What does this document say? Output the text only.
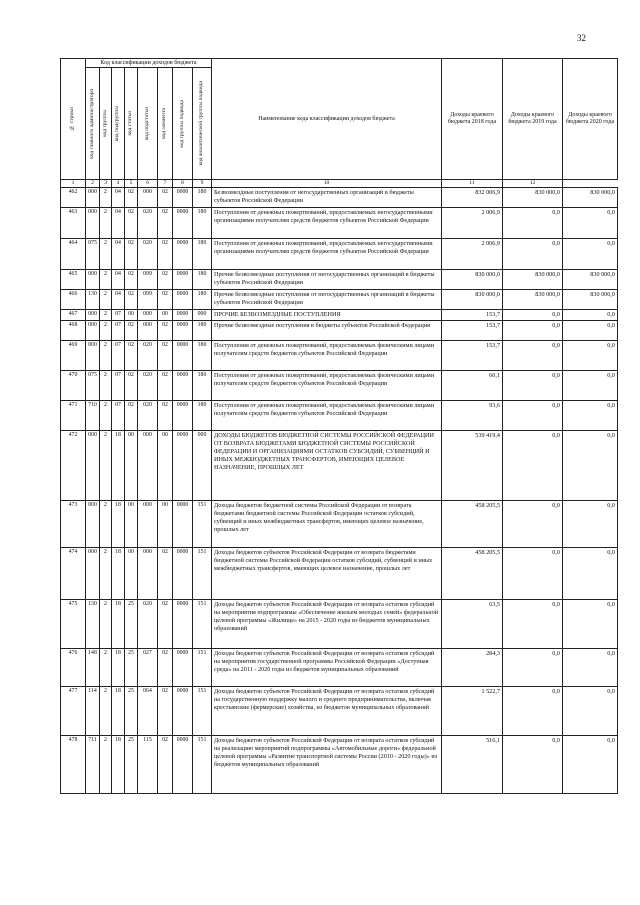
32
№ строки	Код классификации доходов бюджета								Наименование кода классификации доходов бюджета	Доходы краевого бюджета 2018 года	Доходы краевого бюджета 2019 года	Доходы краевого бюджета 2020 года

	код главного администратора	код группы	код подгруппы	код статьи	код подстатьи	код элемента	код группы подвида	код аналитической группы подвида				

1	2	3	4	5	6	7	8	9	10	11	12	
462	000	2	04	02	000	02	0000	180	Безвозмездные поступления от негосударственных организаций в бюджеты субъектов Российской Федерации	832 006,9	830 000,0	830 000,0
463	000	2	04	02	020	02	0000	180	Поступления от денежных пожертвований, предоставляемых негосударственными организациями получателям средств бюджетов субъектов Российской Федерации	2 006,9	0,0	0,0
464	075	2	04	02	020	02	0000	180	Поступления от денежных пожертвований, предоставляемых негосударственными организациями получателям средств бюджетов субъектов Российской Федерации	2 006,9	0,0	0,0
465	000	2	04	02	099	02	0000	180	Прочие безвозмездные поступления от негосударственных организаций в бюджеты субъектов Российской Федерации	830 000,0	830 000,0	830 000,0
466	130	2	04	02	099	02	0000	180	Прочие безвозмездные поступления от негосударственных организаций в бюджеты субъектов Российской Федерации	830 000,0	830 000,0	830 000,0
467	000	2	07	00	000	00	0000	000	ПРОЧИЕ БЕЗВОЗМЕЗДНЫЕ ПОСТУПЛЕНИЯ	153,7	0,0	0,0
468	000	2	07	02	000	02	0000	180	Прочие безвозмездные поступления в бюджеты субъектов Российской Федерации	153,7	0,0	0,0
469	000	2	07	02	020	02	0000	180	Поступления от денежных пожертвований, предоставляемых физическими лицами получателям средств бюджетов субъектов Российской Федерации	153,7	0,0	0,0
470	075	2	07	02	020	02	0000	180	Поступления от денежных пожертвований, предоставляемых физическими лицами получателям средств бюджетов субъектов Российской Федерации	60,1	0,0	0,0
471	710	2	07	02	020	02	0000	180	Поступления от денежных пожертвований, предоставляемых физическими лицами получателям средств бюджетов субъектов Российской Федерации	93,6	0,0	0,0
472	000	2	18	00	000	00	0000	000	ДОХОДЫ БЮДЖЕТОВ БЮДЖЕТНОЙ СИСТЕМЫ РОССИЙСКОЙ ФЕДЕРАЦИИ ОТ ВОЗВРАТА БЮДЖЕТАМИ БЮДЖЕТНОЙ СИСТЕМЫ РОССИЙСКОЙ ФЕДЕРАЦИИ И ОРГАНИЗАЦИЯМИ ОСТАТКОВ СУБСИДИЙ, СУБВЕНЦИЙ И ИНЫХ МЕЖБЮДЖЕТНЫХ ТРАНСФЕРТОВ, ИМЕЮЩИХ ЦЕЛЕВОЕ НАЗНАЧЕНИЕ, ПРОШЛЫХ ЛЕТ	539 419,4	0,0	0,0
473	000	2	18	00	000	00	0000	151	Доходы бюджетов бюджетной системы Российской Федерации от возврата бюджетами бюджетной системы Российской Федерации остатков субсидий, субвенций и иных межбюджетных трансфертов, имеющих целевое назначение, прошлых лет	458 205,5	0,0	0,0
474	000	2	18	00	000	02	0000	151	Доходы бюджетов субъектов Российской Федерации от возврата бюджетами бюджетной системы Российской Федерации остатков субсидий, субвенций и иных межбюджетных трансфертов, имеющих целевое назначение, прошлых лет	458 205,5	0,0	0,0
475	130	2	18	25	020	02	0000	151	Доходы бюджетов субъектов Российской Федерации от возврата остатков субсидий на мероприятия подпрограммы «Обеспечение жильем молодых семей» федеральной целевой программы «Жилище» на 2015 - 2020 годы из бюджетов муниципальных образований	63,5	0,0	0,0
476	148	2	18	25	027	02	0000	151	Доходы бюджетов субъектов Российской Федерации от возврата остатков субсидий на мероприятия государственной программы Российской Федерации «Доступная среда» на 2011 - 2020 годы из бюджетов муниципальных образований	284,3	0,0	0,0
477	114	2	18	25	064	02	0000	151	Доходы бюджетов субъектов Российской Федерации от возврата остатков субсидий на государственную поддержку малого и среднего предпринимательства, включая крестьянские (фермерские) хозяйства, из бюджетов муниципальных образований	1 522,7	0,0	0,0
478	711	2	18	25	115	02	0000	151	Доходы бюджетов субъектов Российской Федерации от возврата остатков субсидий на реализацию мероприятий подпрограммы «Автомобильные дороги» федеральной целевой программы «Развитие транспортной системы России (2010 - 2020 годы)» из бюджетов муниципальных образований	516,1	0,0	0,0
